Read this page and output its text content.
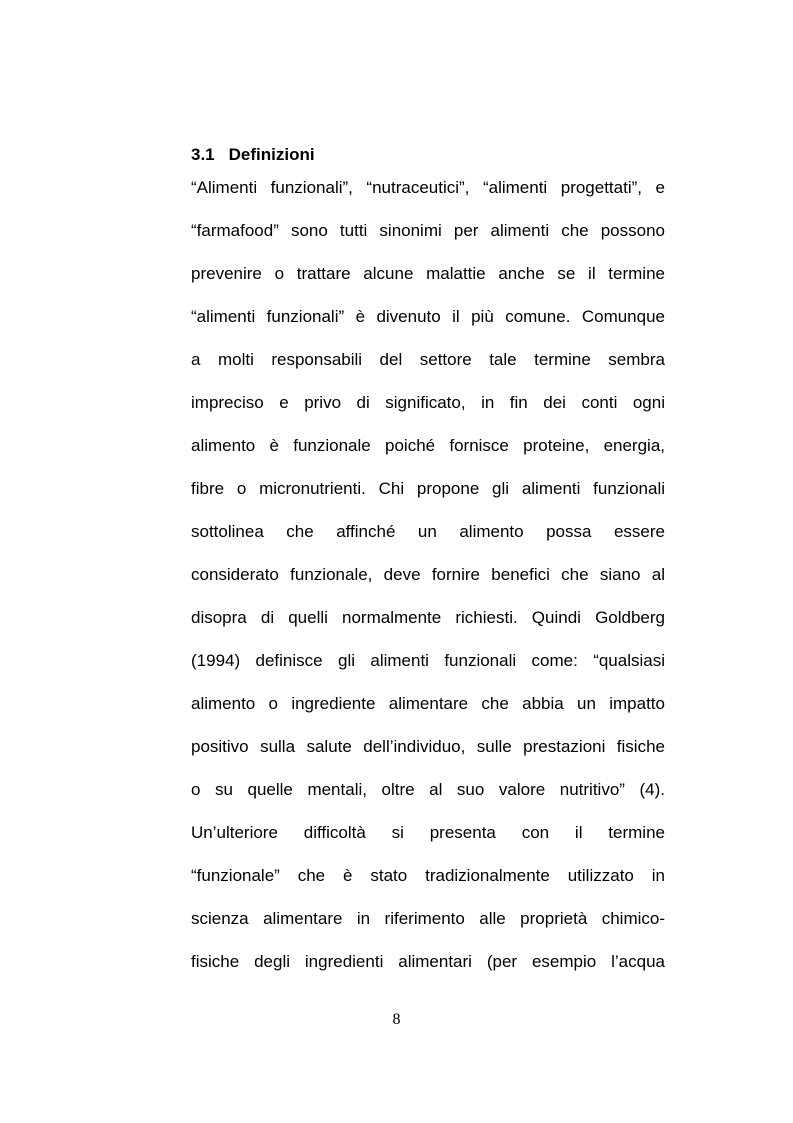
3.1 Definizioni
“Alimenti funzionali”, “nutraceutici”, “alimenti progettati”, e
“farmafood” sono tutti sinonimi per alimenti che possono
prevenire o trattare alcune malattie anche se il termine
“alimenti funzionali” è divenuto il più comune. Comunque
a molti responsabili del settore tale termine sembra
impreciso e privo di significato, in fin dei conti ogni
alimento è funzionale poiché fornisce proteine, energia,
fibre o micronutrienti. Chi propone gli alimenti funzionali
sottolinea che affinché un alimento possa essere
considerato funzionale, deve fornire benefici che siano al
disopra di quelli normalmente richiesti. Quindi Goldberg
(1994) definisce gli alimenti funzionali come: “qualsiasi
alimento o ingrediente alimentare che abbia un impatto
positivo sulla salute dell’individuo, sulle prestazioni fisiche
o su quelle mentali, oltre al suo valore nutritivo” (4).
Un’ulteriore difficoltà si presenta con il termine
“funzionale” che è stato tradizionalmente utilizzato in
scienza alimentare in riferimento alle proprietà chimico-
fisiche degli ingredienti alimentari (per esempio l’acqua
8
